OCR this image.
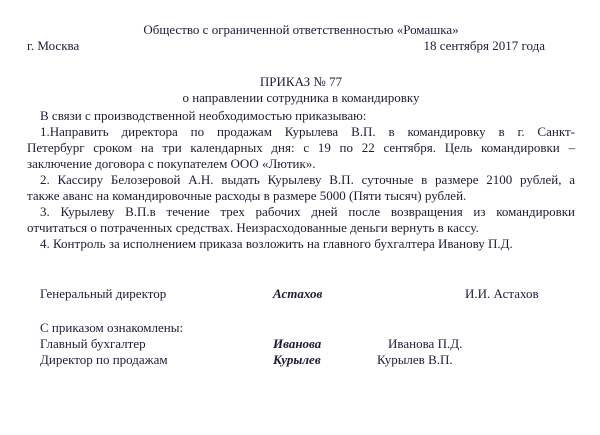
Общество с ограниченной ответственностью «Ромашка»
г. Москва	18 сентября 2017 года
ПРИКАЗ № 77
о направлении сотрудника в командировку
В связи с производственной необходимостью приказываю:
1.Направить директора по продажам Курылева В.П. в командировку в г. Санкт-
Петербург сроком на три календарных дня: с 19 по 22 сентября. Цель командировки –
заключение договора с покупателем ООО «Лютик».
2. Кассиру Белозеровой А.Н. выдать Курылеву В.П. суточные в размере 2100 рублей, а
также аванс на командировочные расходы в размере 5000 (Пяти тысяч) рублей.
3. Курылеву В.П.в течение трех рабочих дней после возвращения из командировки
отчитаться о потраченных средствах. Неизрасходованные деньги вернуть в кассу.
4. Контроль за исполнением приказа возложить на главного бухгалтера Иванову П.Д.
Генеральный директор	Астахов	И.И. Астахов
С приказом ознакомлены:
Главный бухгалтер	Иванова	Иванова П.Д.
Директор по продажам	Курылев	Курылев В.П.
